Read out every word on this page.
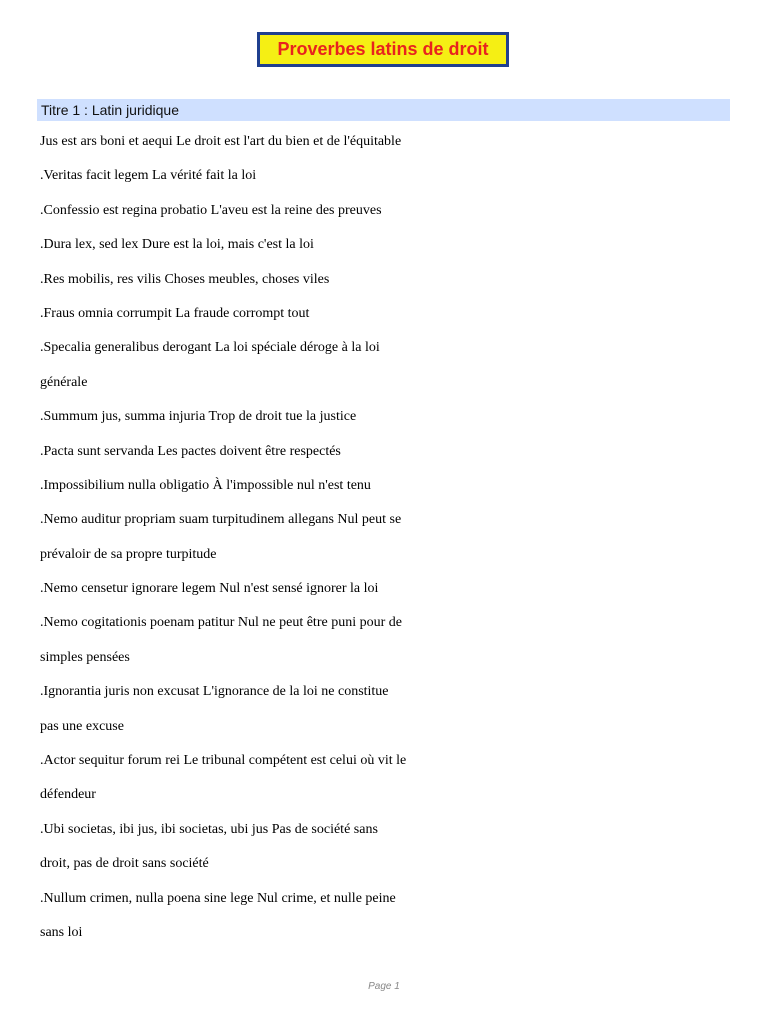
Proverbes latins de droit
Titre 1 : Latin juridique
Jus est ars boni et aequi Le droit est l'art du bien et de l'équitable
.Veritas facit legem La vérité fait la loi
.Confessio est regina probatio L'aveu est la reine des preuves
.Dura lex, sed lex Dure est la loi, mais c'est la loi
.Res mobilis, res vilis Choses meubles, choses viles
.Fraus omnia corrumpit La fraude corrompt tout
.Specalia generalibus derogant La loi spéciale déroge à la loi
générale
.Summum jus, summa injuria Trop de droit tue la justice
.Pacta sunt servanda Les pactes doivent être respectés
.Impossibilium nulla obligatio À l'impossible nul n'est tenu
.Nemo auditur propriam suam turpitudinem allegans Nul peut se
prévaloir de sa propre turpitude
.Nemo censetur ignorare legem Nul n'est sensé ignorer la loi
.Nemo cogitationis poenam patitur Nul ne peut être puni pour de
simples pensées
.Ignorantia juris non excusat L'ignorance de la loi ne constitue
pas une excuse
.Actor sequitur forum rei Le tribunal compétent est celui où vit le
défendeur
.Ubi societas, ibi jus, ibi societas, ubi jus Pas de société sans
droit, pas de droit sans société
.Nullum crimen, nulla poena sine lege Nul crime, et nulle peine
sans loi
Page 1
